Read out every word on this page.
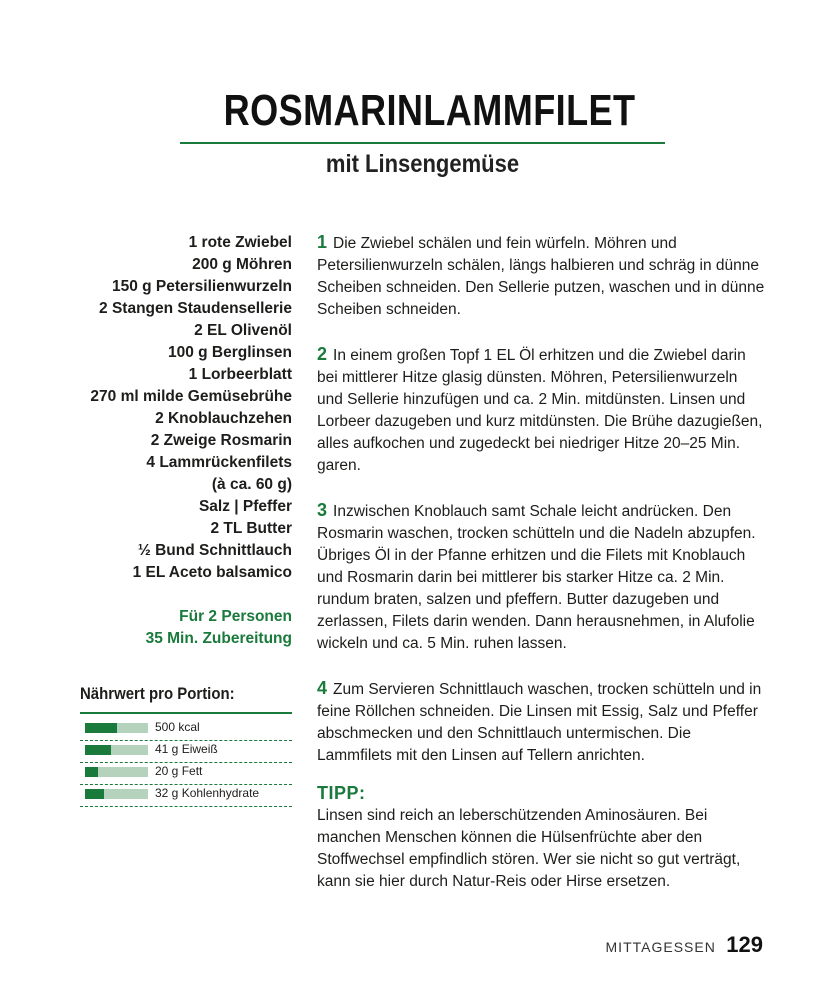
ROSMARINLAMMFILET
mit Linsengemüse
1 rote Zwiebel
200 g Möhren
150 g Petersilienwurzeln
2 Stangen Staudensellerie
2 EL Olivenöl
100 g Berglinsen
1 Lorbeerblatt
270 ml milde Gemüsebrühe
2 Knoblauchzehen
2 Zweige Rosmarin
4 Lammrückenfilets
(à ca. 60 g)
Salz | Pfeffer
2 TL Butter
½ Bund Schnittlauch
1 EL Aceto balsamico
Für 2 Personen
35 Min. Zubereitung
Nährwert pro Portion:
500 kcal
41 g Eiweiß
20 g Fett
32 g Kohlenhydrate

1 Die Zwiebel schälen und fein würfeln. Möhren und Petersilienwurzeln schälen, längs halbieren und schräg in dünne Scheiben schneiden. Den Sellerie putzen, waschen und in dünne Scheiben schneiden.

2 In einem großen Topf 1 EL Öl erhitzen und die Zwiebel darin bei mittlerer Hitze glasig dünsten. Möhren, Petersilienwurzeln und Sellerie hinzufügen und ca. 2 Min. mitdünsten. Linsen und Lorbeer dazugeben und kurz mitdünsten. Die Brühe dazugießen, alles aufkochen und zugedeckt bei niedriger Hitze 20–25 Min. garen.

3 Inzwischen Knoblauch samt Schale leicht andrücken. Den Rosmarin waschen, trocken schütteln und die Nadeln abzupfen. Übriges Öl in der Pfanne erhitzen und die Filets mit Knoblauch und Rosmarin darin bei mittlerer bis starker Hitze ca. 2 Min. rundum braten, salzen und pfeffern. Butter dazugeben und zerlassen, Filets darin wenden. Dann herausnehmen, in Alufolie wickeln und ca. 5 Min. ruhen lassen.

4 Zum Servieren Schnittlauch waschen, trocken schütteln und in feine Röllchen schneiden. Die Linsen mit Essig, Salz und Pfeffer abschmecken und den Schnittlauch untermischen. Die Lammfilets mit den Linsen auf Tellern anrichten.

TIPP:
Linsen sind reich an leberschützenden Aminosäuren. Bei manchen Menschen können die Hülsenfrüchte aber den Stoffwechsel empfindlich stören. Wer sie nicht so gut verträgt, kann sie hier durch Natur-Reis oder Hirse ersetzen.
MITTAGESSEN 129
